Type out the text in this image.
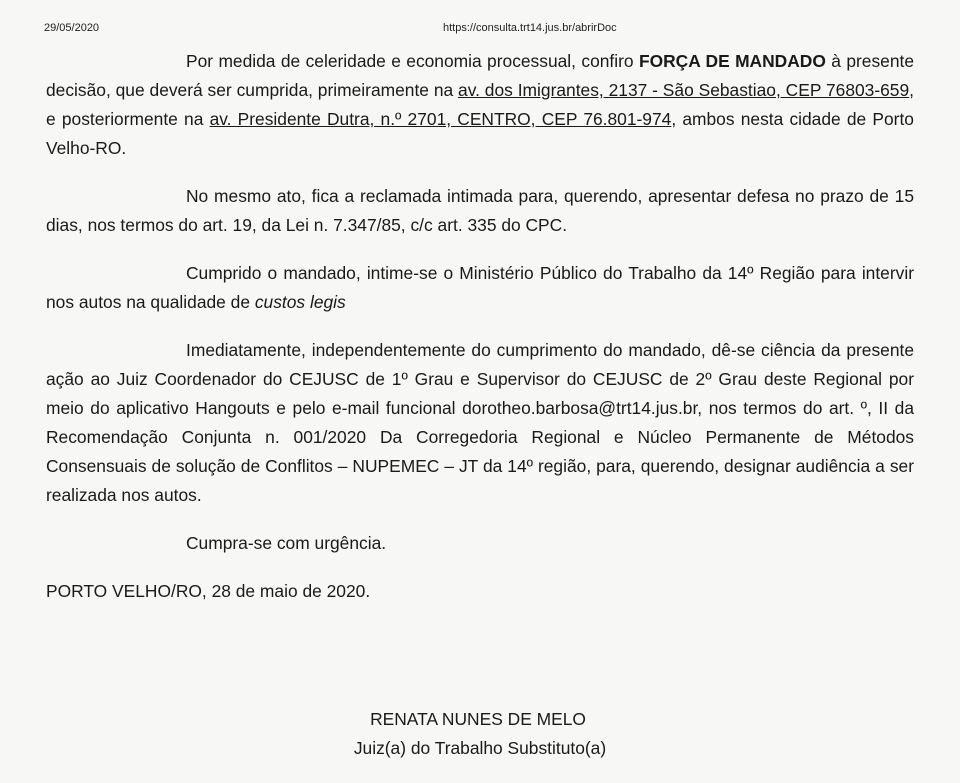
29/05/2020	https://consulta.trt14.jus.br/abrirDoc

Por medida de celeridade e economia processual, confiro FORÇA DE MANDADO à presente decisão, que deverá ser cumprida, primeiramente na av. dos Imigrantes, 2137 - São Sebastiao, CEP 76803-659, e posteriormente na av. Presidente Dutra, n.º 2701, CENTRO, CEP 76.801-974, ambos nesta cidade de Porto Velho-RO.

No mesmo ato, fica a reclamada intimada para, querendo, apresentar defesa no prazo de 15 dias, nos termos do art. 19, da Lei n. 7.347/85, c/c art. 335 do CPC.

Cumprido o mandado, intime-se o Ministério Público do Trabalho da 14º Região para intervir nos autos na qualidade de custos legis

Imediatamente, independentemente do cumprimento do mandado, dê-se ciência da presente ação ao Juiz Coordenador do CEJUSC de 1º Grau e Supervisor do CEJUSC de 2º Grau deste Regional por meio do aplicativo Hangouts e pelo e-mail funcional dorotheo.barbosa@trt14.jus.br, nos termos do art. º, II da Recomendação Conjunta n. 001/2020 Da Corregedoria Regional e Núcleo Permanente de Métodos Consensuais de solução de Conflitos – NUPEMEC – JT da 14º região, para, querendo, designar audiência a ser realizada nos autos.

Cumpra-se com urgência.

PORTO VELHO/RO, 28 de maio de 2020.

RENATA NUNES DE MELO
Juiz(a) do Trabalho Substituto(a)
